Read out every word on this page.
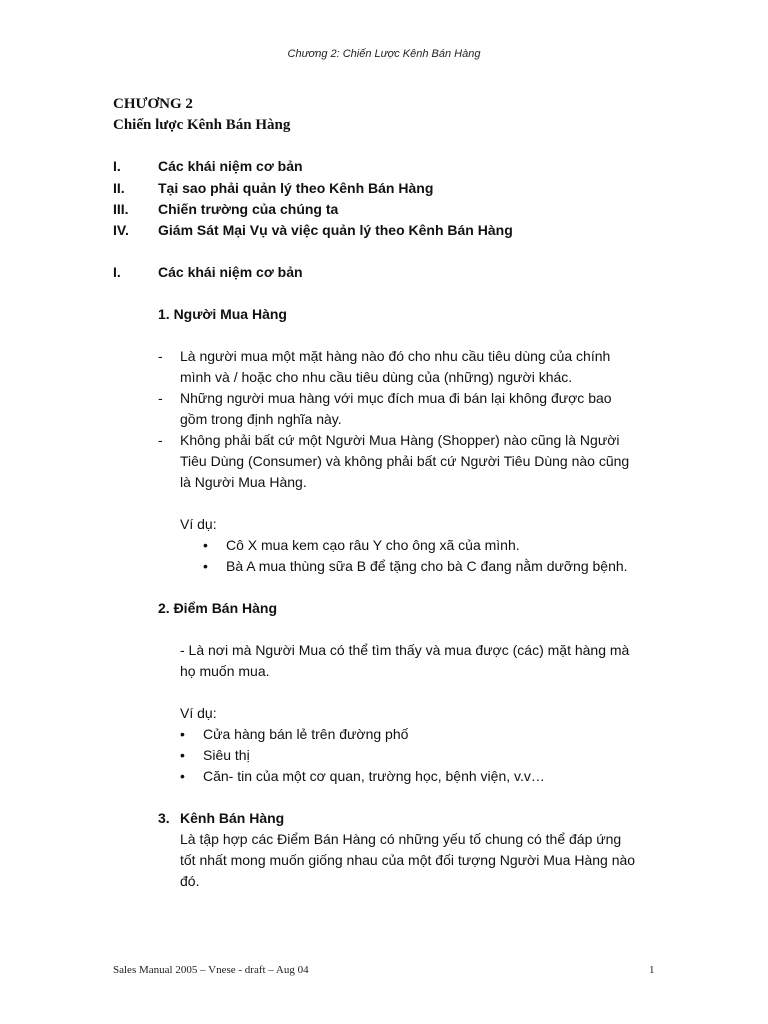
Chương 2: Chiến Lược Kênh Bán Hàng
CHƯƠNG 2
Chiến lược Kênh Bán Hàng
I.	Các khái niệm cơ bản
II. Tại sao phải quản lý theo Kênh Bán Hàng
III. Chiến trường của chúng ta
IV. Giám Sát Mại Vụ và việc quản lý theo Kênh Bán Hàng
I.	Các khái niệm cơ bản
1. Người Mua Hàng
- Là người mua một mặt hàng nào đó cho nhu cầu tiêu dùng của chính
mình và / hoặc cho nhu cầu tiêu dùng của (những) người khác.
- Những người mua hàng với mục đích mua đi bán lại không được bao
gồm trong định nghĩa này.
- Không phải bất cứ một Người Mua Hàng (Shopper) nào cũng là Người
Tiêu Dùng (Consumer) và không phải bất cứ Người Tiêu Dùng nào cũng
là Người Mua Hàng.
Ví dụ:
• Cô X mua kem cạo râu Y cho ông xã của mình.
• Bà A mua thùng sữa B để tặng cho bà C đang nằm dưỡng bệnh.
2. Điểm Bán Hàng
- Là nơi mà Người Mua có thể tìm thấy và mua được (các) mặt hàng mà
họ muốn mua.
Ví dụ:
• Cửa hàng bán lẻ trên đường phố
• Siêu thị
• Căn- tin của một cơ quan, trường học, bệnh viện, v.v…
3. Kênh Bán Hàng
Là tập hợp các Điểm Bán Hàng có những yếu tố chung có thể đáp ứng
tốt nhất mong muốn giống nhau của một đối tượng Người Mua Hàng nào
đó.
Sales Manual 2005 – Vnese - draft – Aug 04	1
